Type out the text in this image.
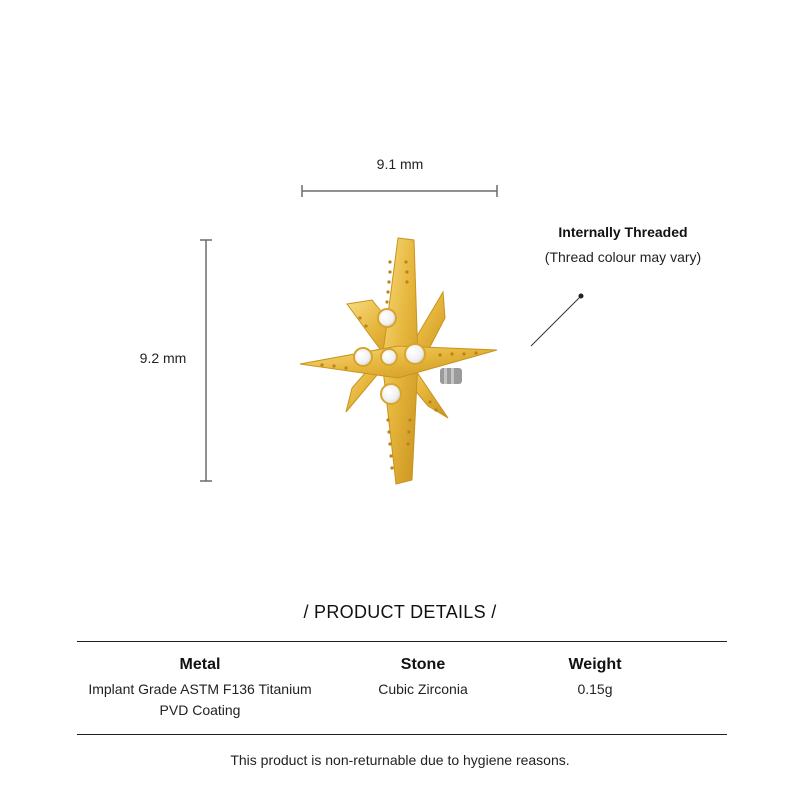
9.1 mm
9.2 mm
Internally Threaded
(Thread colour may vary)
/ PRODUCT DETAILS /
Metal
Implant Grade ASTM F136 Titanium
PVD Coating
Stone
Cubic Zirconia
Weight
0.15g
This product is non-returnable due to hygiene reasons.
